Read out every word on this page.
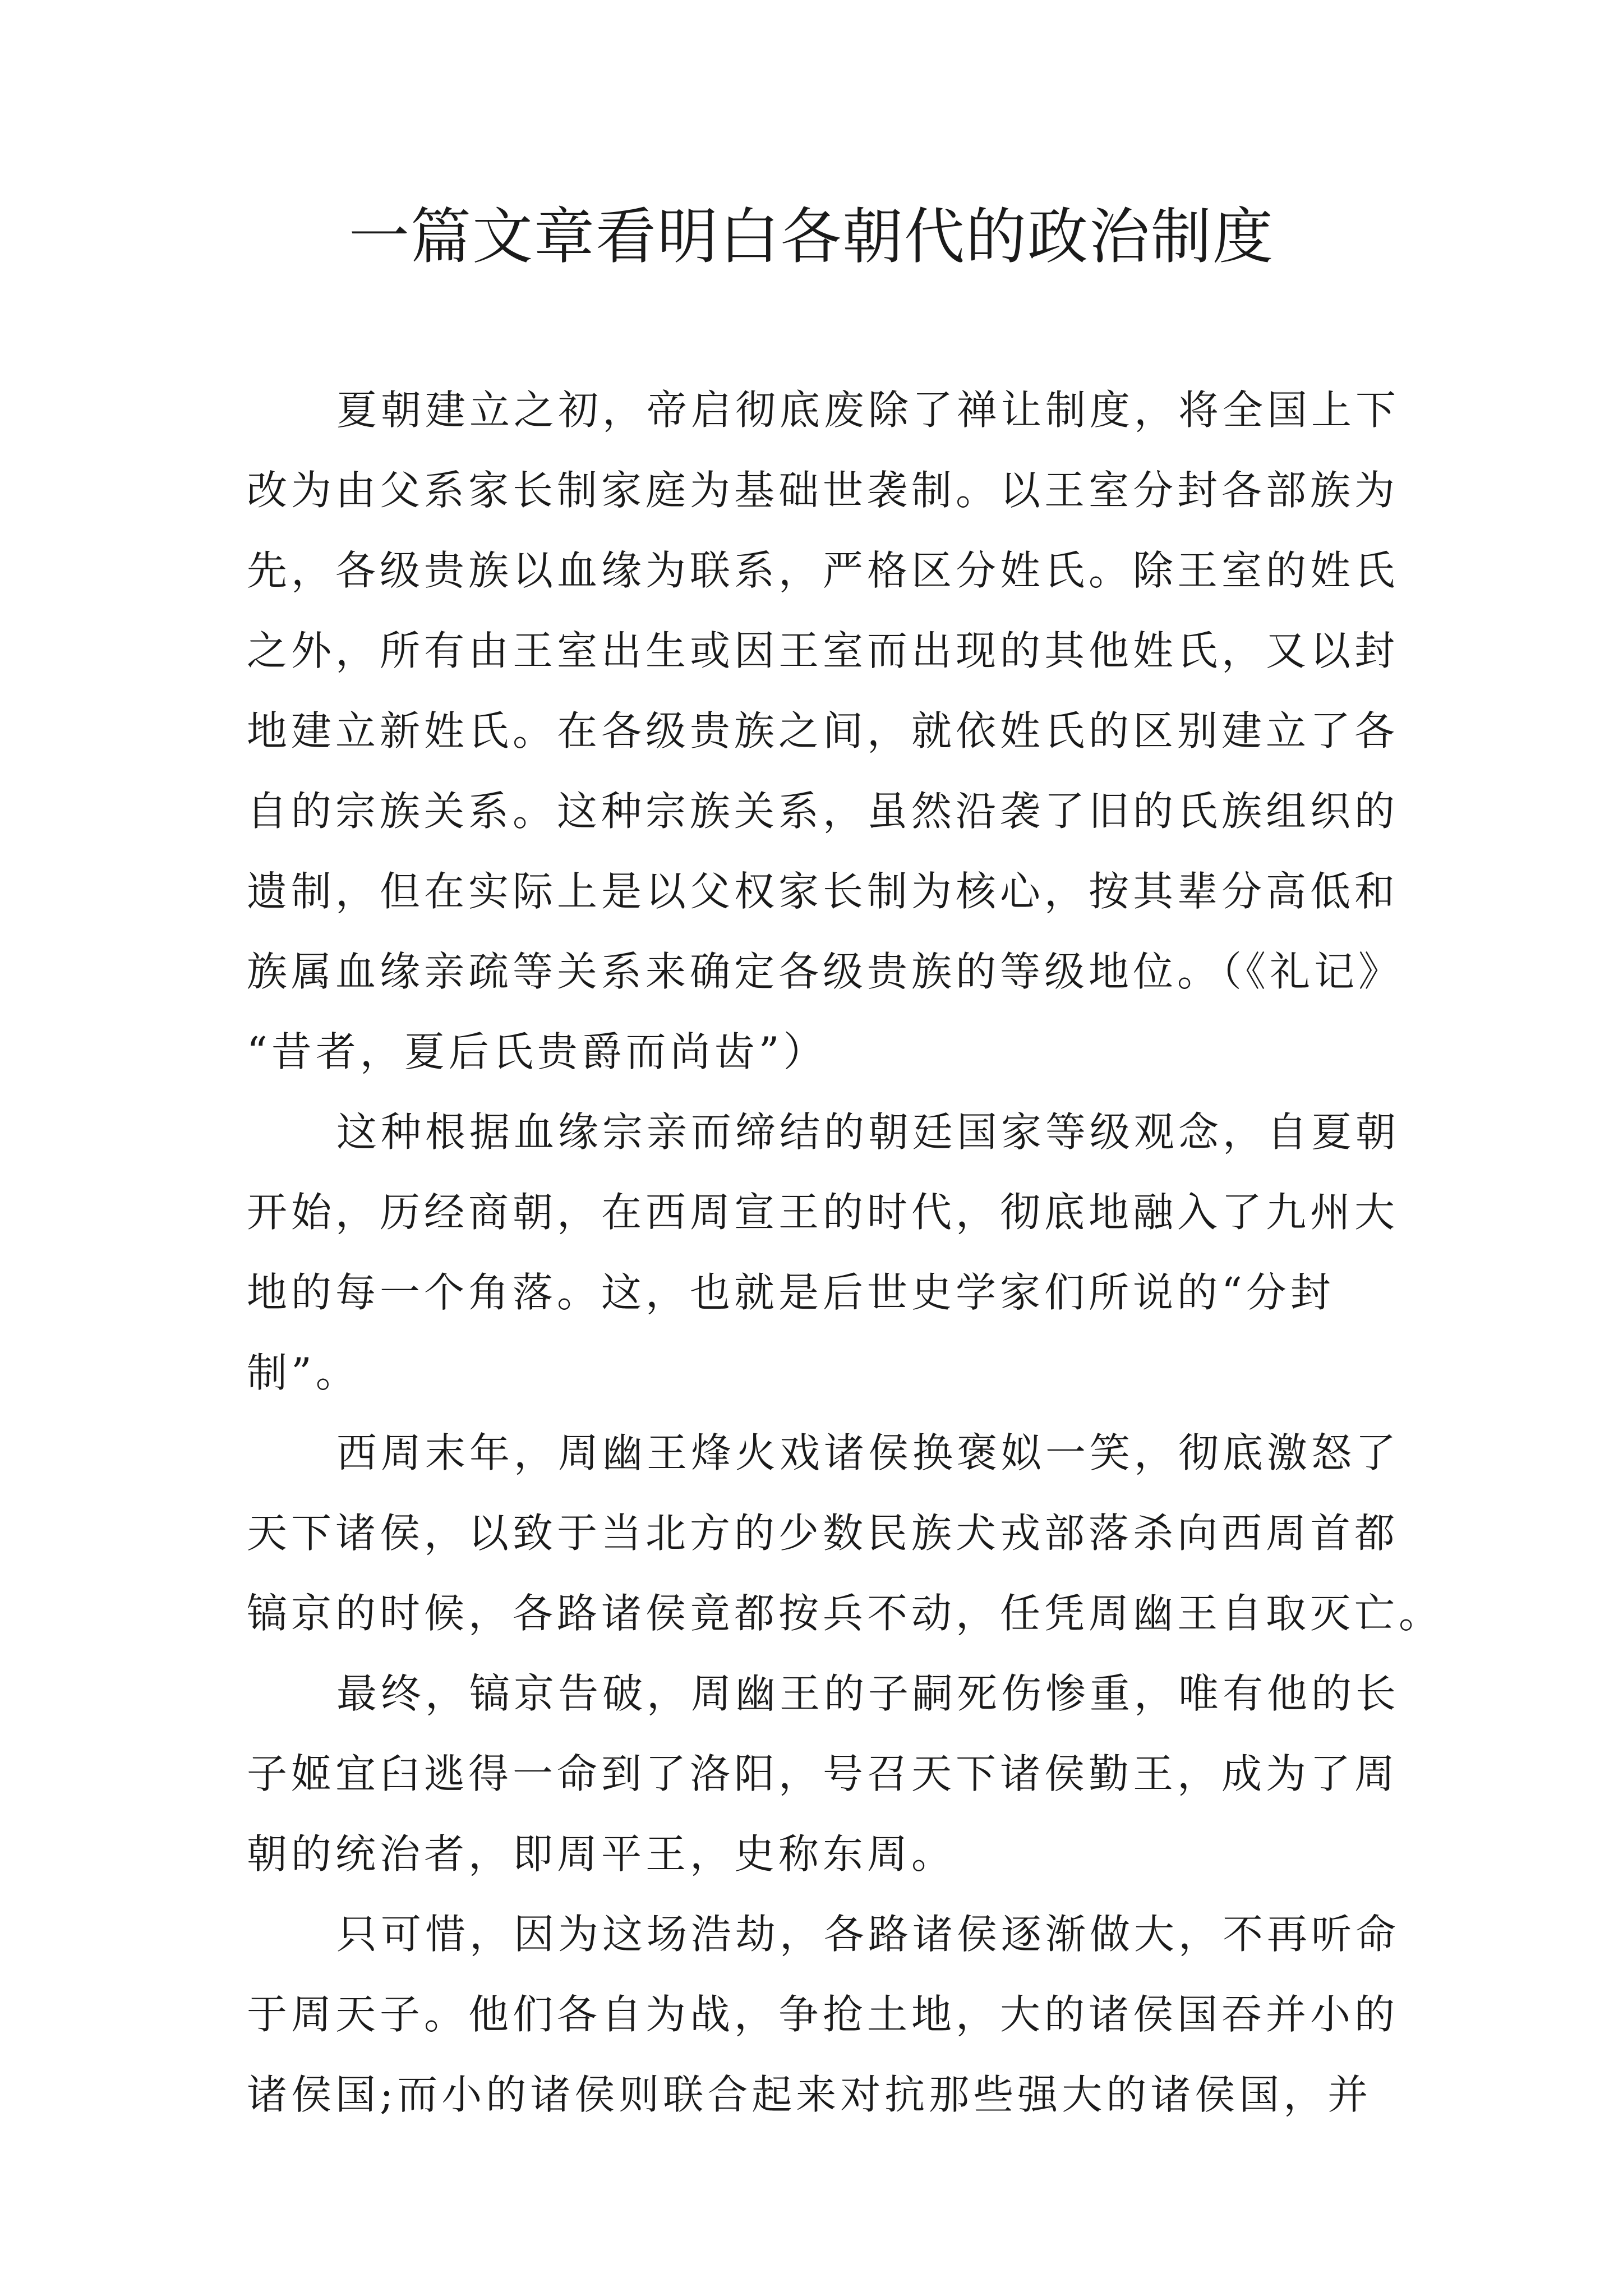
一篇文章看明白各朝代的政治制度
夏朝建立之初，帝启彻底废除了禅让制度，将全国上下
改为由父系家长制家庭为基础世袭制。以王室分封各部族为
先，各级贵族以血缘为联系，严格区分姓氏。除王室的姓氏
之外，所有由王室出生或因王室而出现的其他姓氏，又以封
地建立新姓氏。在各级贵族之间，就依姓氏的区别建立了各
自的宗族关系。这种宗族关系，虽然沿袭了旧的氏族组织的
遗制，但在实际上是以父权家长制为核心，按其辈分高低和
族属血缘亲疏等关系来确定各级贵族的等级地位。（《礼记》
“昔者，夏后氏贵爵而尚齿”）
这种根据血缘宗亲而缔结的朝廷国家等级观念，自夏朝
开始，历经商朝，在西周宣王的时代，彻底地融入了九州大
地的每一个角落。这，也就是后世史学家们所说的“分封
制”。
西周末年，周幽王烽火戏诸侯换褒姒一笑，彻底激怒了
天下诸侯，以致于当北方的少数民族犬戎部落杀向西周首都
镐京的时候，各路诸侯竟都按兵不动，任凭周幽王自取灭亡。
最终，镐京告破，周幽王的子嗣死伤惨重，唯有他的长
子姬宜臼逃得一命到了洛阳，号召天下诸侯勤王，成为了周
朝的统治者，即周平王，史称东周。
只可惜，因为这场浩劫，各路诸侯逐渐做大，不再听命
于周天子。他们各自为战，争抢土地，大的诸侯国吞并小的
诸侯国;而小的诸侯则联合起来对抗那些强大的诸侯国，并
